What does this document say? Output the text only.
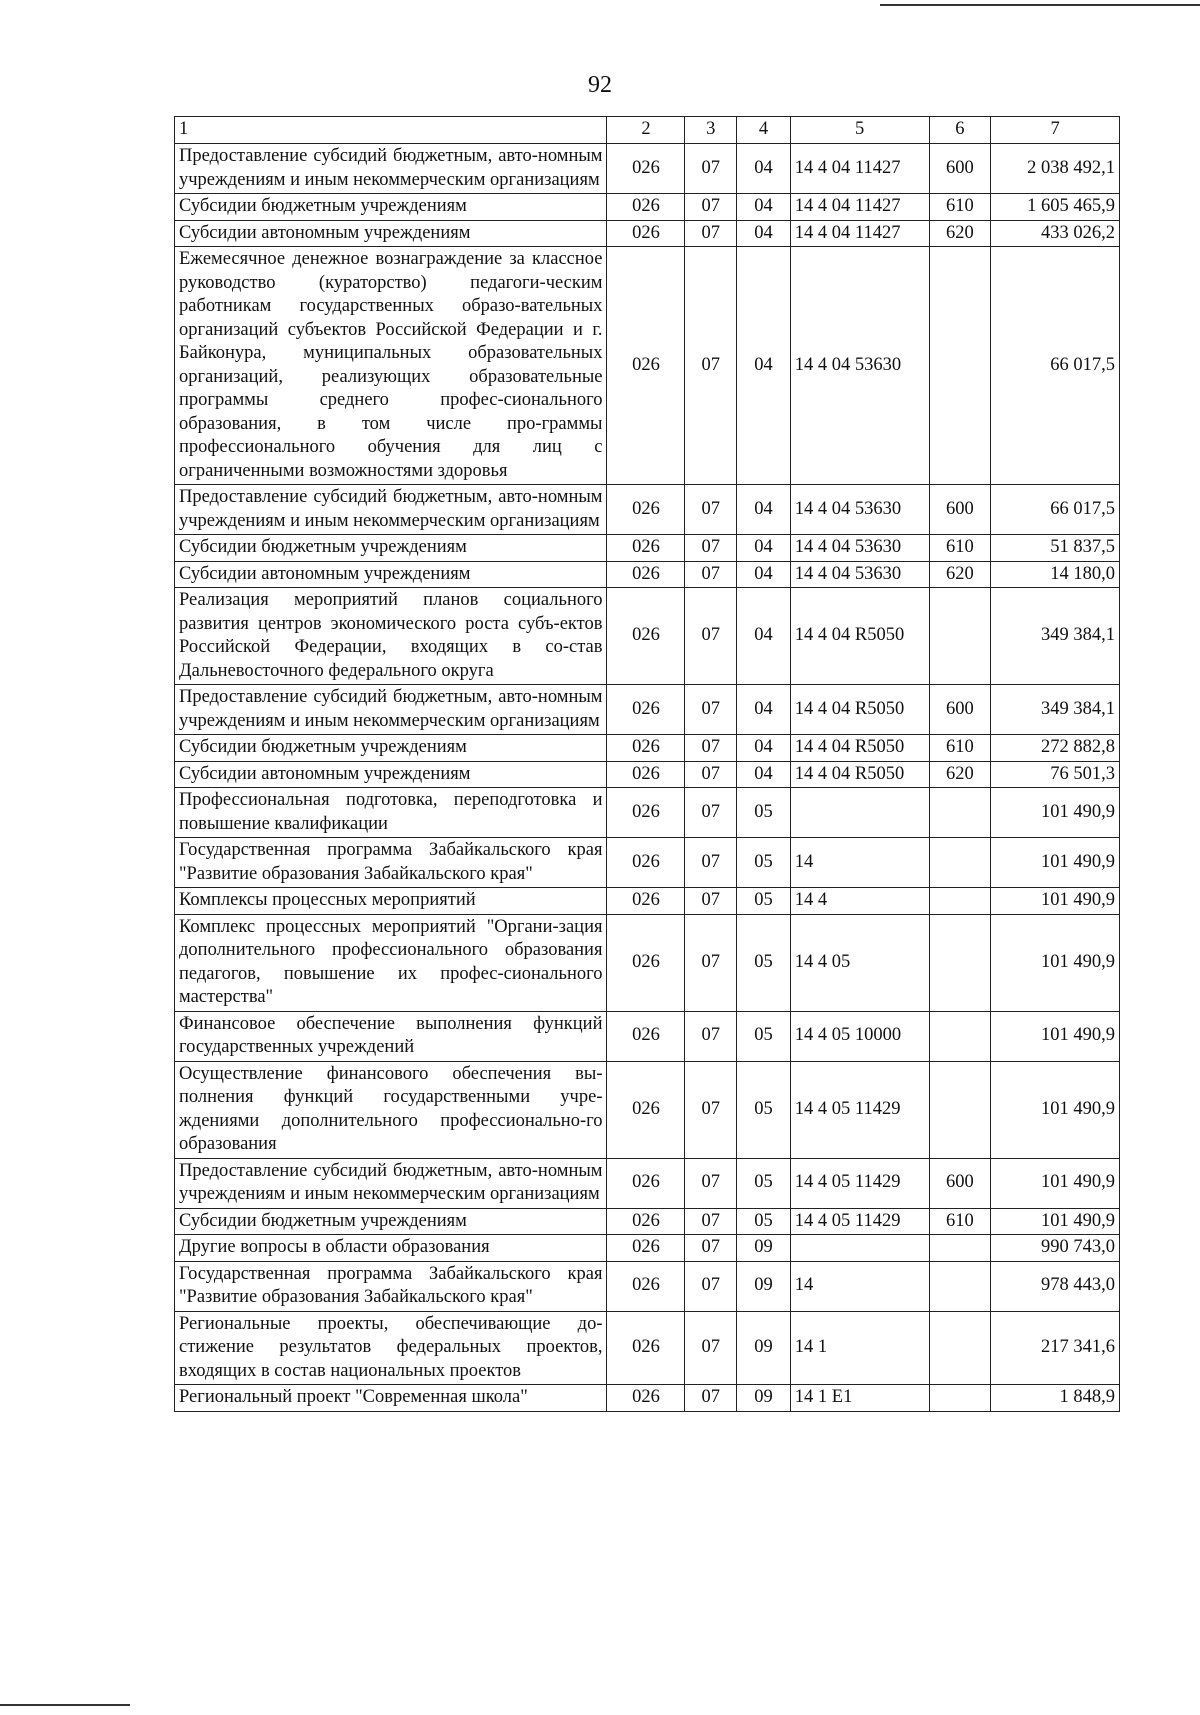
92
1	2	3	4	5	6	7
Предоставление субсидий бюджетным, авто-номным учреждениям и иным некоммерческим организациям	026	07	04	14 4 04 11427	600	2 038 492,1
Субсидии бюджетным учреждениям	026	07	04	14 4 04 11427	610	1 605 465,9
Субсидии автономным учреждениям	026	07	04	14 4 04 11427	620	433 026,2
Ежемесячное денежное вознаграждение за классное руководство (кураторство) педагоги-ческим работникам государственных образо-вательных организаций субъектов Российской Федерации и г. Байконура, муниципальных образовательных организаций, реализующих образовательные программы среднего профес-сионального образования, в том числе про-граммы профессионального обучения для лиц с ограниченными возможностями здоровья	026	07	04	14 4 04 53630		66 017,5
Предоставление субсидий бюджетным, авто-номным учреждениям и иным некоммерческим организациям	026	07	04	14 4 04 53630	600	66 017,5
Субсидии бюджетным учреждениям	026	07	04	14 4 04 53630	610	51 837,5
Субсидии автономным учреждениям	026	07	04	14 4 04 53630	620	14 180,0
Реализация мероприятий планов социального развития центров экономического роста субъ-ектов Российской Федерации, входящих в со-став Дальневосточного федерального округа	026	07	04	14 4 04 R5050		349 384,1
Предоставление субсидий бюджетным, авто-номным учреждениям и иным некоммерческим организациям	026	07	04	14 4 04 R5050	600	349 384,1
Субсидии бюджетным учреждениям	026	07	04	14 4 04 R5050	610	272 882,8
Субсидии автономным учреждениям	026	07	04	14 4 04 R5050	620	76 501,3
Профессиональная подготовка, переподготовка и повышение квалификации	026	07	05			101 490,9
Государственная программа Забайкальского края "Развитие образования Забайкальского края"	026	07	05	14		101 490,9
Комплексы процессных мероприятий	026	07	05	14 4		101 490,9
Комплекс процессных мероприятий "Органи-зация дополнительного профессионального образования педагогов, повышение их профес-сионального мастерства"	026	07	05	14 4 05		101 490,9
Финансовое обеспечение выполнения функций государственных учреждений	026	07	05	14 4 05 10000		101 490,9
Осуществление финансового обеспечения вы-полнения функций государственными учре-ждениями дополнительного профессионально-го образования	026	07	05	14 4 05 11429		101 490,9
Предоставление субсидий бюджетным, авто-номным учреждениям и иным некоммерческим организациям	026	07	05	14 4 05 11429	600	101 490,9
Субсидии бюджетным учреждениям	026	07	05	14 4 05 11429	610	101 490,9
Другие вопросы в области образования	026	07	09			990 743,0
Государственная программа Забайкальского края "Развитие образования Забайкальского края"	026	07	09	14		978 443,0
Региональные проекты, обеспечивающие до-стижение результатов федеральных проектов, входящих в состав национальных проектов	026	07	09	14 1		217 341,6
Региональный проект "Современная школа"	026	07	09	14 1 E1		1 848,9
